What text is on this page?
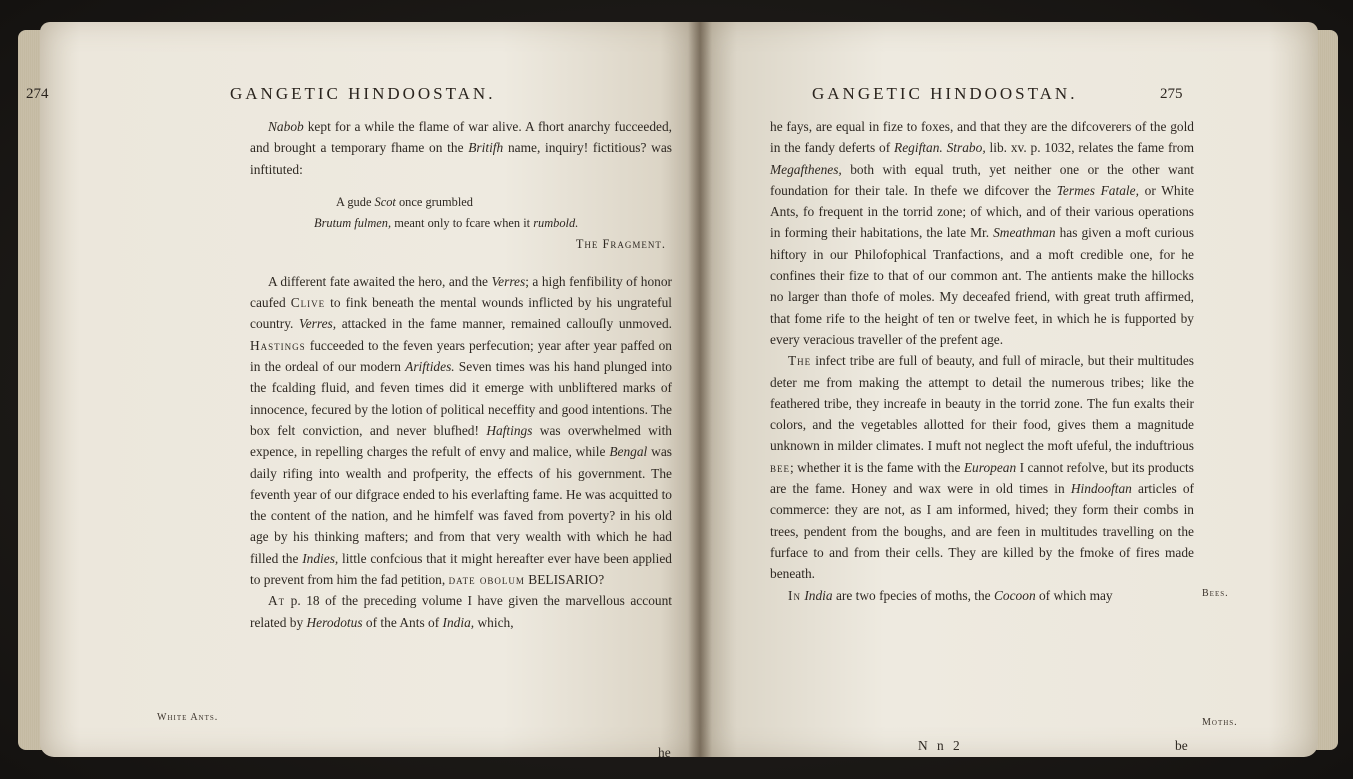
274	GANGETIC HINDOOSTAN.

Nabob kept for a while the flame of war alive. A fhort anarchy fucceeded, and brought a temporary fhame on the Britifh name, inquiry! fictitious? was inftituted:

A gude Scot once grumbled
Brutum fulmen, meant only to fcare when it rumbold.
The Fragment.

A different fate awaited the hero, and the Verres; a high fenfibility of honor caufed Clive to fink beneath the mental wounds inflicted by his ungrateful country. Verres, attacked in the fame manner, remained callouſly unmoved. Hastings fucceeded to the feven years perfecution; year after year paffed on in the ordeal of our modern Ariftides. Seven times was his hand plunged into the fcalding fluid, and feven times did it emerge with unbliftered marks of innocence, fecured by the lotion of political neceffity and good intentions. The box felt conviction, and never blufhed! Haftings was overwhelmed with expence, in repelling charges the refult of envy and malice, while Bengal was daily rifing into wealth and profperity, the effects of his government. The feventh year of our difgrace ended to his everlafting fame. He was acquitted to the content of the nation, and he himfelf was faved from poverty? in his old age by his thinking mafters; and from that very wealth with which he had filled the Indies, little confcious that it might hereafter ever have been applied to prevent from him the fad petition, date obolum BELISARIO?

At p. 18 of the preceding volume I have given the marvellous account related by Herodotus of the Ants of India, which,

White Ants.
he
GANGETIC HINDOOSTAN.	275

he fays, are equal in fize to foxes, and that they are the difcoverers of the gold in the fandy deferts of Regiftan. Strabo, lib. xv. p. 1032, relates the fame from Megafthenes, both with equal truth, yet neither one or the other want foundation for their tale. In thefe we difcover the Termes Fatale, or White Ants, fo frequent in the torrid zone; of which, and of their various operations in forming their habitations, the late Mr. Smeathman has given a moft curious hiftory in our Philofophical Tranfactions, and a moft credible one, for he confines their fize to that of our common ant. The antients make the hillocks no larger than thofe of moles. My deceafed friend, with great truth affirmed, that fome rife to the height of ten or twelve feet, in which he is fupported by every veracious traveller of the prefent age.

The infect tribe are full of beauty, and full of miracle, but their multitudes deter me from making the attempt to detail the numerous tribes; like the feathered tribe, they increafe in beauty in the torrid zone. The fun exalts their colors, and the vegetables allotted for their food, gives them a magnitude unknown in milder climates. I muft not neglect the moft ufeful, the induftrious bee; whether it is the fame with the European I cannot refolve, but its products are the fame. Honey and wax were in old times in Hindooftan articles of commerce: they are not, as I am informed, hived; they form their combs in trees, pendent from the boughs, and are feen in multitudes travelling on the furface to and from their cells. They are killed by the fmoke of fires made beneath.

In India are two fpecies of moths, the Cocoon of which may	Bees.
Moths.
N n 2	be
